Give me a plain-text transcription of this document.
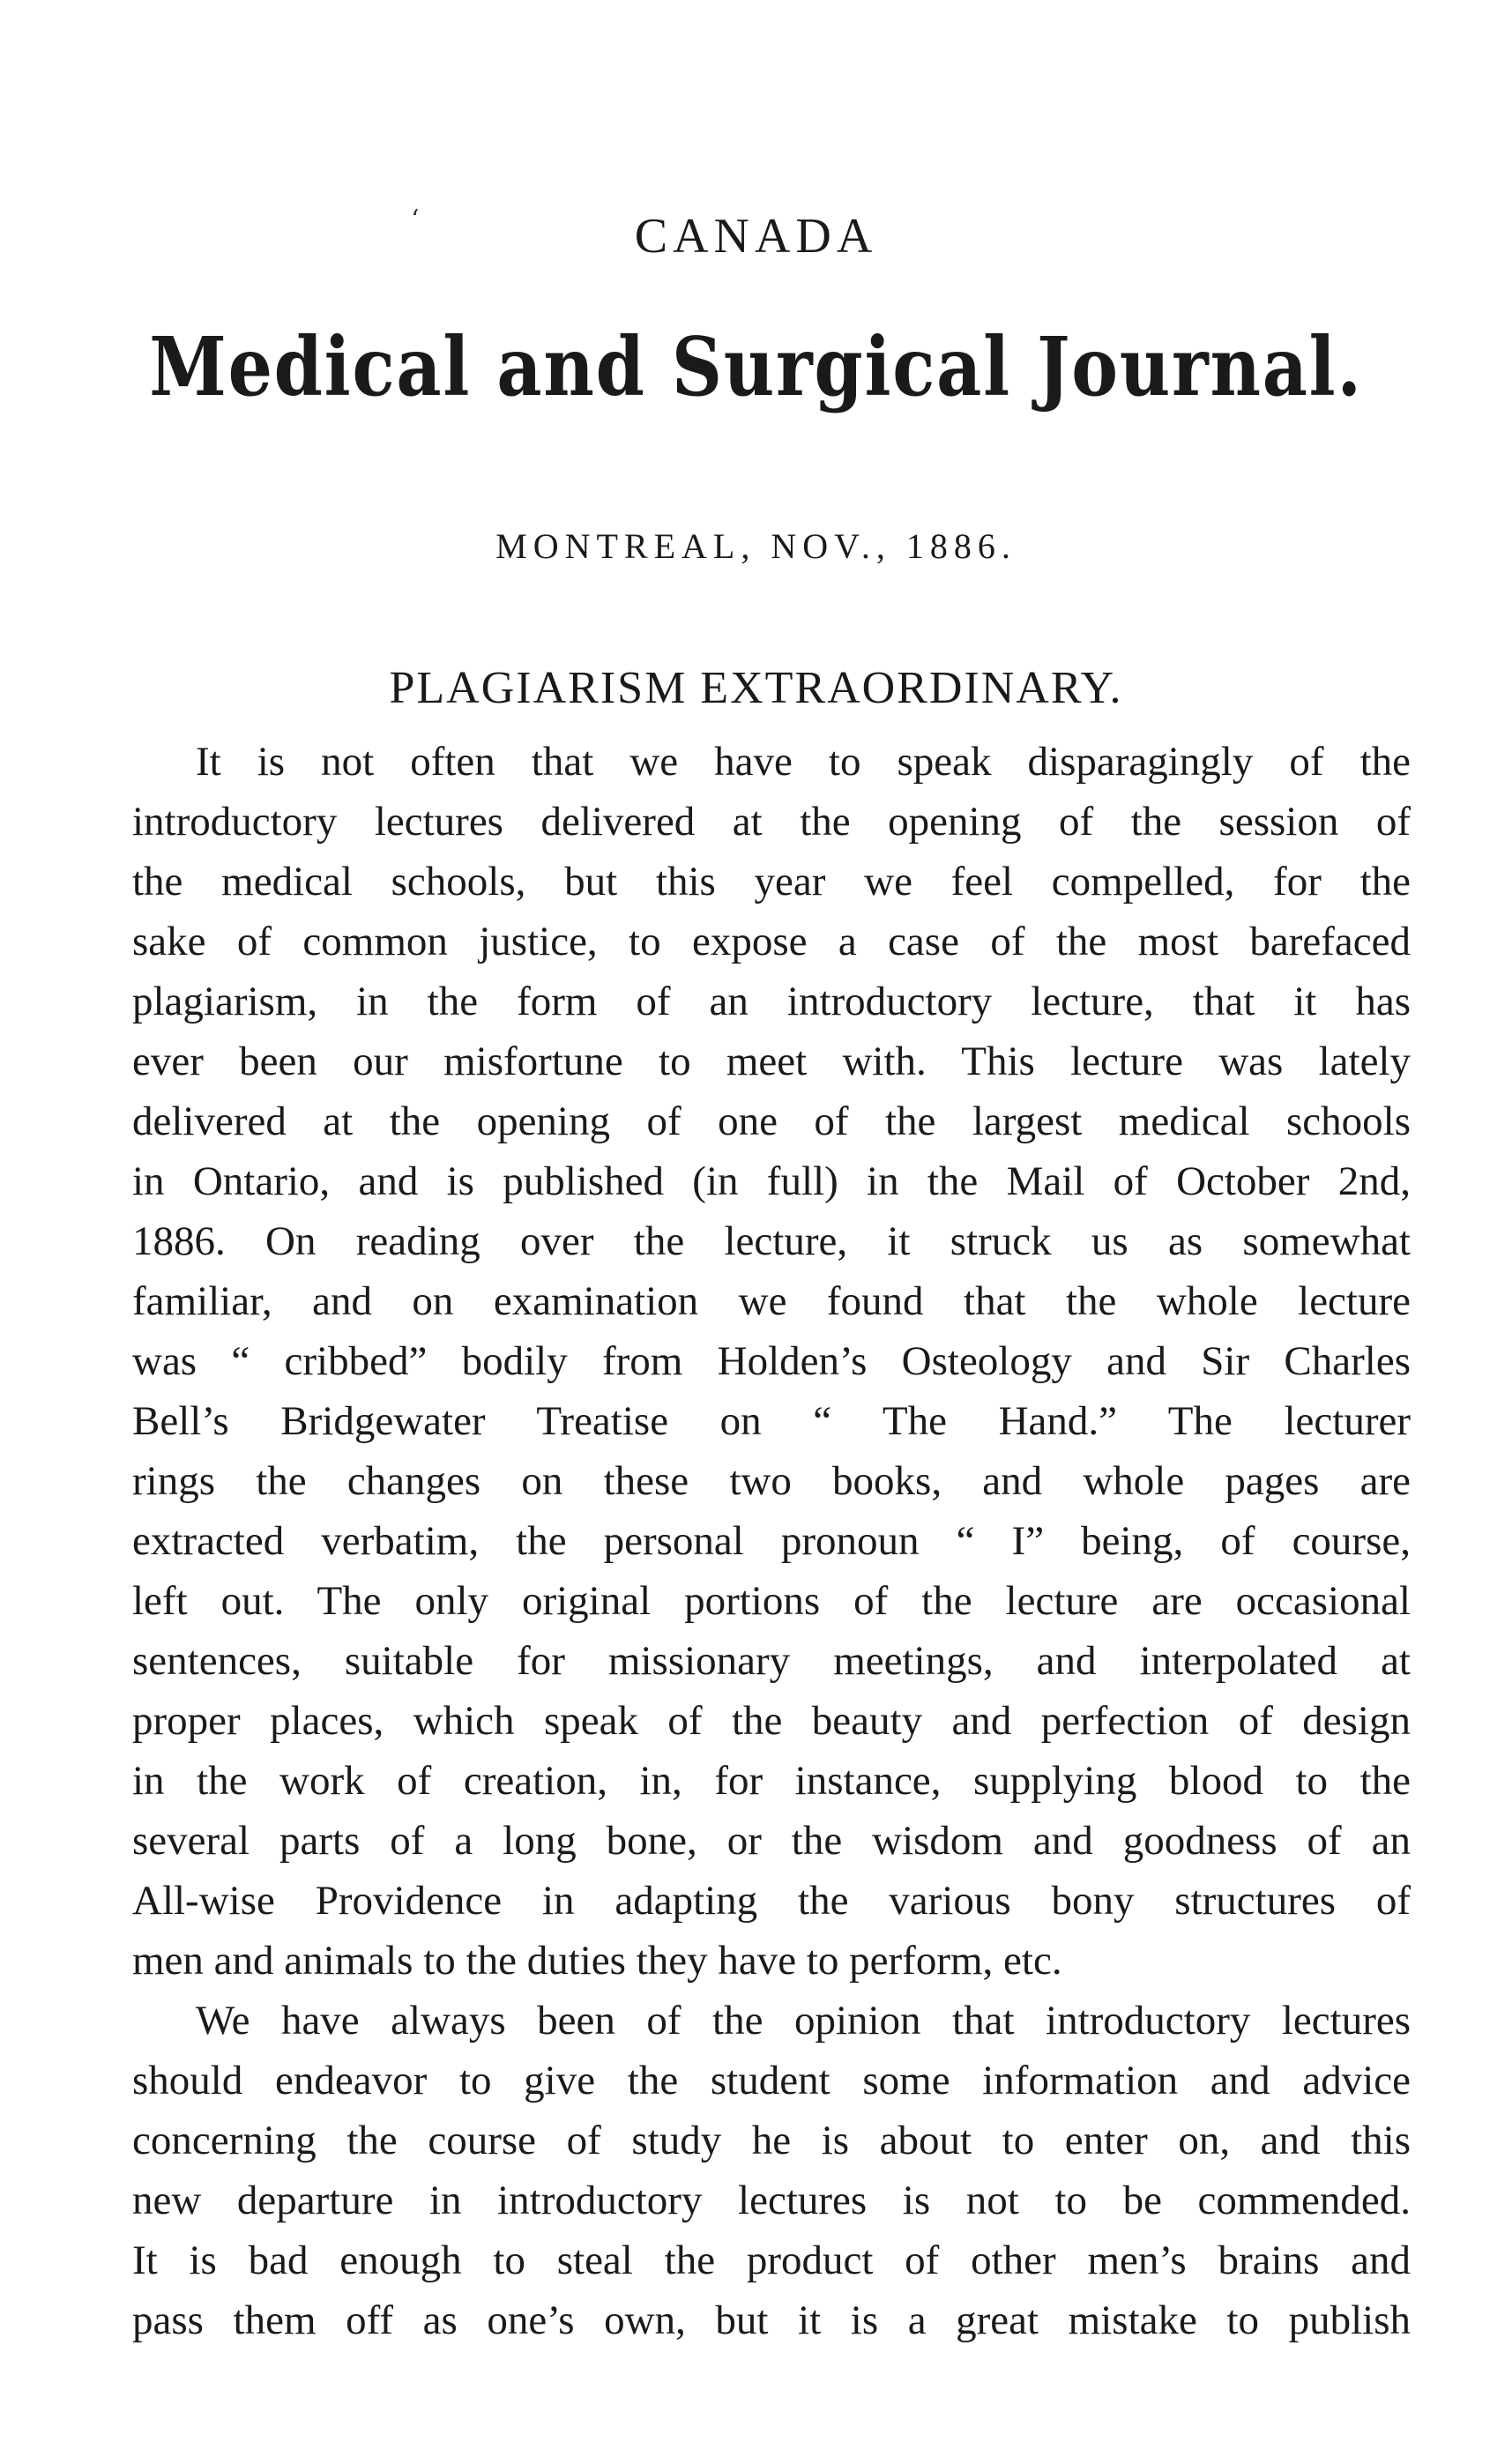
‘	CANADA
Medical and Surgical Journal.
MONTREAL, NOV., 1886.
PLAGIARISM EXTRAORDINARY.
It is not often that we have to speak disparagingly of the
introductory lectures delivered at the opening of the session of
the medical schools, but this year we feel compelled, for the
sake of common justice, to expose a case of the most barefaced
plagiarism, in the form of an introductory lecture, that it has
ever been our misfortune to meet with. This lecture was lately
delivered at the opening of one of the largest medical schools
in Ontario, and is published (in full) in the Mail of October 2nd,
1886. On reading over the lecture, it struck us as somewhat
familiar, and on examination we found that the whole lecture
was “ cribbed” bodily from Holden’s Osteology and Sir Charles
Bell’s Bridgewater Treatise on “ The Hand.” The lecturer
rings the changes on these two books, and whole pages are
extracted verbatim, the personal pronoun “ I” being, of course,
left out. The only original portions of the lecture are occasional
sentences, suitable for missionary meetings, and interpolated at
proper places, which speak of the beauty and perfection of design
in the work of creation, in, for instance, supplying blood to the
several parts of a long bone, or the wisdom and goodness of an
All-wise Providence in adapting the various bony structures of
men and animals to the duties they have to perform, etc.
We have always been of the opinion that introductory lectures
should endeavor to give the student some information and advice
concerning the course of study he is about to enter on, and this
new departure in introductory lectures is not to be commended.
It is bad enough to steal the product of other men’s brains and
pass them off as one’s own, but it is a great mistake to publish
